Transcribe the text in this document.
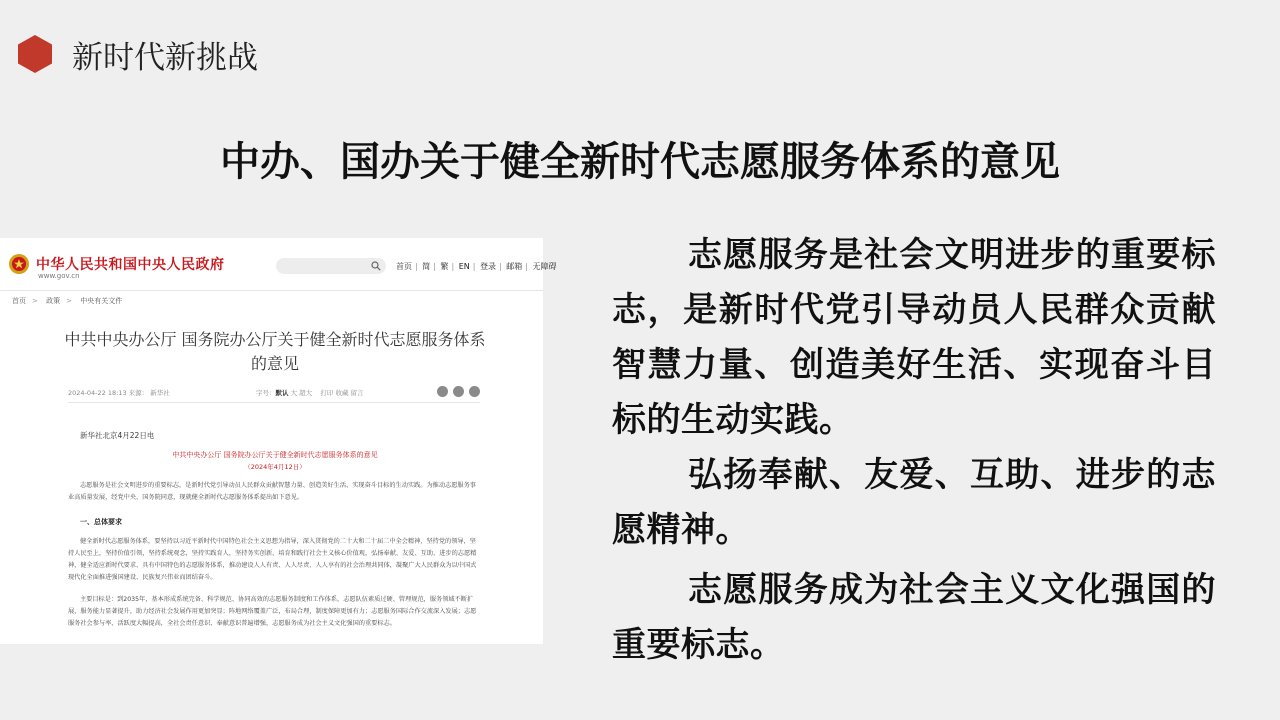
新时代新挑战
中办、国办关于健全新时代志愿服务体系的意见
中华人民共和国中央人民政府
www.gov.cn
首页 | 简 | 繁 | EN | 登录 | 邮箱 | 无障碍
首页 > 政策 > 中央有关文件
中共中央办公厅 国务院办公厅关于健全新时代志愿服务体系的意见
2024-04-22 18:13 来源： 新华社	字号：默认 大 超大 打印 收藏 留言
新华社北京4月22日电
中共中央办公厅 国务院办公厅关于健全新时代志愿服务体系的意见
（2024年4月12日）
志愿服务是社会文明进步的重要标志，是新时代党引导动员人民群众贡献智慧力量、创造美好生活、实现奋斗目标的生动实践。为推动志愿服务事业高质量发展，经党中央、国务院同意，现就健全新时代志愿服务体系提出如下意见。
一、总体要求
健全新时代志愿服务体系，要坚持以习近平新时代中国特色社会主义思想为指导，深入贯彻党的二十大和二十届二中全会精神，坚持党的领导，坚持人民至上，坚持价值引领，坚持系统观念，坚持实践育人，坚持务实创新，培育和践行社会主义核心价值观，弘扬奉献、友爱、互助、进步的志愿精神，健全适应新时代要求、具有中国特色的志愿服务体系，推动建设人人有责、人人尽责、人人享有的社会治理共同体，凝聚广大人民群众为以中国式现代化全面推进强国建设、民族复兴伟业而团结奋斗。
主要目标是：到2035年，基本形成系统完备、科学规范、协同高效的志愿服务制度和工作体系，志愿队伍素质过硬、管理规范，服务领域不断扩展，服务能力显著提升，助力经济社会发展作用更加突显；阵地网络覆盖广泛，布局合理，制度保障更加有力；志愿服务国际合作交流深入发展；志愿服务社会参与率、活跃度大幅提高，全社会责任意识、奉献意识普遍增强，志愿服务成为社会主义文化强国的重要标志。

志愿服务是社会文明进步的重要标志，是新时代党引导动员人民群众贡献智慧力量、创造美好生活、实现奋斗目标的生动实践。

弘扬奉献、友爱、互助、进步的志愿精神。

志愿服务成为社会主义文化强国的重要标志。
